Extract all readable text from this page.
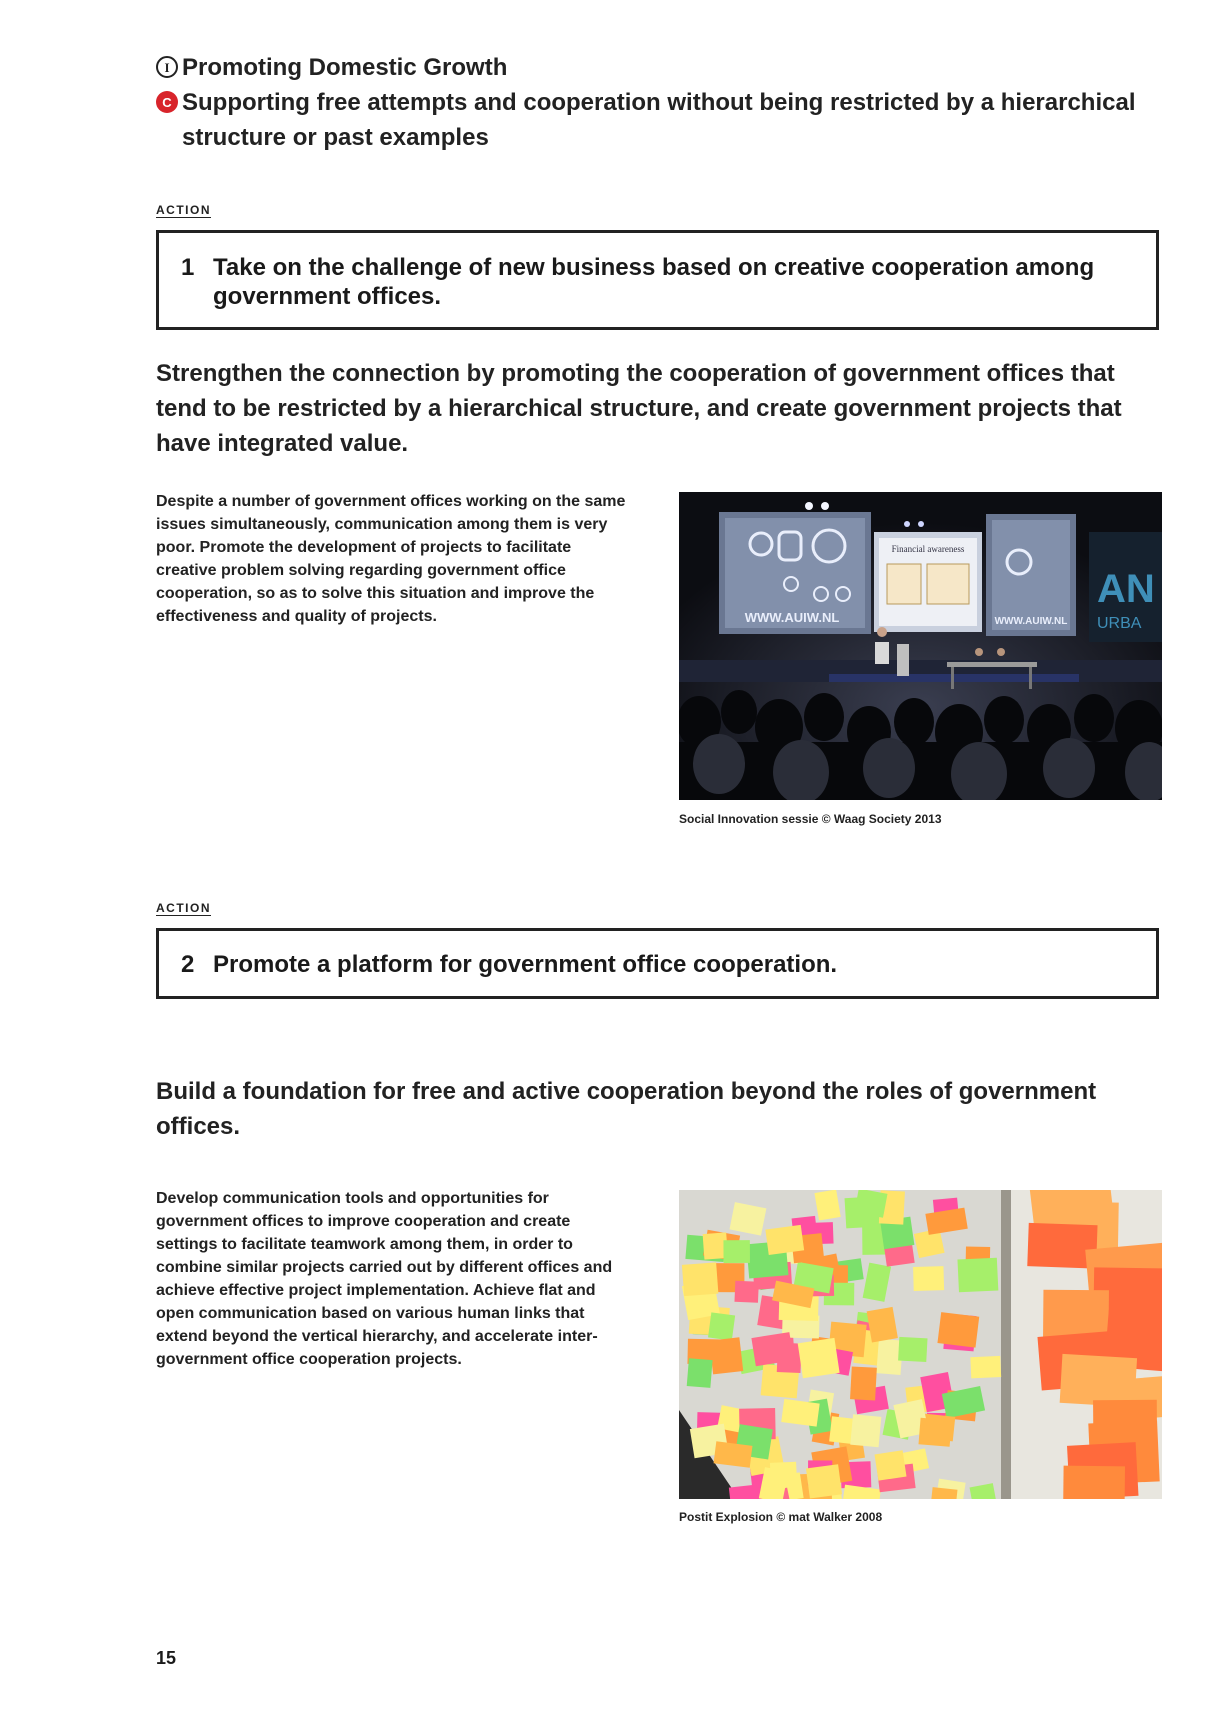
I Promoting Domestic Growth
C Supporting free attempts and cooperation without being restricted by a hierarchical structure or past examples
ACTION
1 Take on the challenge of new business based on creative cooperation among government offices.
Strengthen the connection by promoting the cooperation of government offices that tend to be restricted by a hierarchical structure, and create government projects that have integrated value.
Despite a number of government offices working on the same issues simultaneously, communication among them is very poor. Promote the development of projects to facilitate creative problem solving regarding government office cooperation, so as to solve this situation and improve the effectiveness and quality of projects.	WWW.AUIW.NL
Financial awareness
WWW.AUIW.NL
AN
URBA
Social Innovation sessie © Waag Society 2013
ACTION
2 Promote a platform for government office cooperation.
Build a foundation for free and active cooperation beyond the roles of government offices.
Develop communication tools and opportunities for government offices to improve cooperation and create settings to facilitate teamwork among them, in order to combine similar projects carried out by different offices and achieve effective project implementation. Achieve flat and open communication based on various human links that extend beyond the vertical hierarchy, and accelerate inter-government office cooperation projects.
Postit Explosion © mat Walker 2008
15
